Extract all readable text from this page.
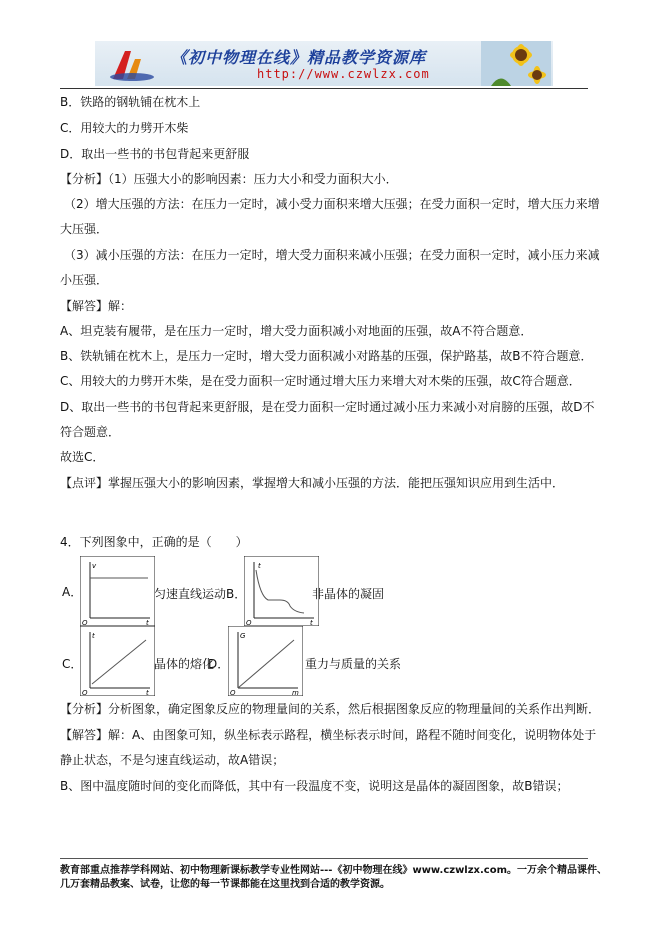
《初中物理在线》精品教学资源库
http://www.czwlzx.com
B．铁路的钢轨铺在枕木上
C．用较大的力劈开木柴
D．取出一些书的书包背起来更舒服
【分析】（1）压强大小的影响因素：压力大小和受力面积大小．
（2）增大压强的方法：在压力一定时，减小受力面积来增大压强；在受力面积一定时，增大压力来增
大压强．
（3）减小压强的方法：在压力一定时，增大受力面积来减小压强；在受力面积一定时，减小压力来减
小压强．
【解答】解：
A、坦克装有履带，是在压力一定时，增大受力面积减小对地面的压强，故A不符合题意．
B、铁轨铺在枕木上，是压力一定时，增大受力面积减小对路基的压强，保护路基，故B不符合题意．
C、用较大的力劈开木柴，是在受力面积一定时通过增大压力来增大对木柴的压强，故C符合题意．
D、取出一些书的书包背起来更舒服，是在受力面积一定时通过减小压力来减小对肩膀的压强，故D不
符合题意．
故选C．
【点评】掌握压强大小的影响因素，掌握增大和减小压强的方法．能把压强知识应用到生活中．
4．下列图象中，正确的是（　　）
A．
v
t
O
匀速直线运动 B．
t
t
O
非晶体的凝固
C．
t
t
O
晶体的熔化
D．
G
m
O
重力与质量的关系
【分析】分析图象，确定图象反应的物理量间的关系，然后根据图象反应的物理量间的关系作出判断．
【解答】解：A、由图象可知，纵坐标表示路程，横坐标表示时间，路程不随时间变化，说明物体处于
静止状态，不是匀速直线运动，故A错误；
B、图中温度随时间的变化而降低，其中有一段温度不变，说明这是晶体的凝固图象，故B错误；
教育部重点推荐学科网站、初中物理新课标教学专业性网站---《初中物理在线》www.czwlzx.com。一万余个精品课件、
几万套精品教案、试卷，让您的每一节课都能在这里找到合适的教学资源。
